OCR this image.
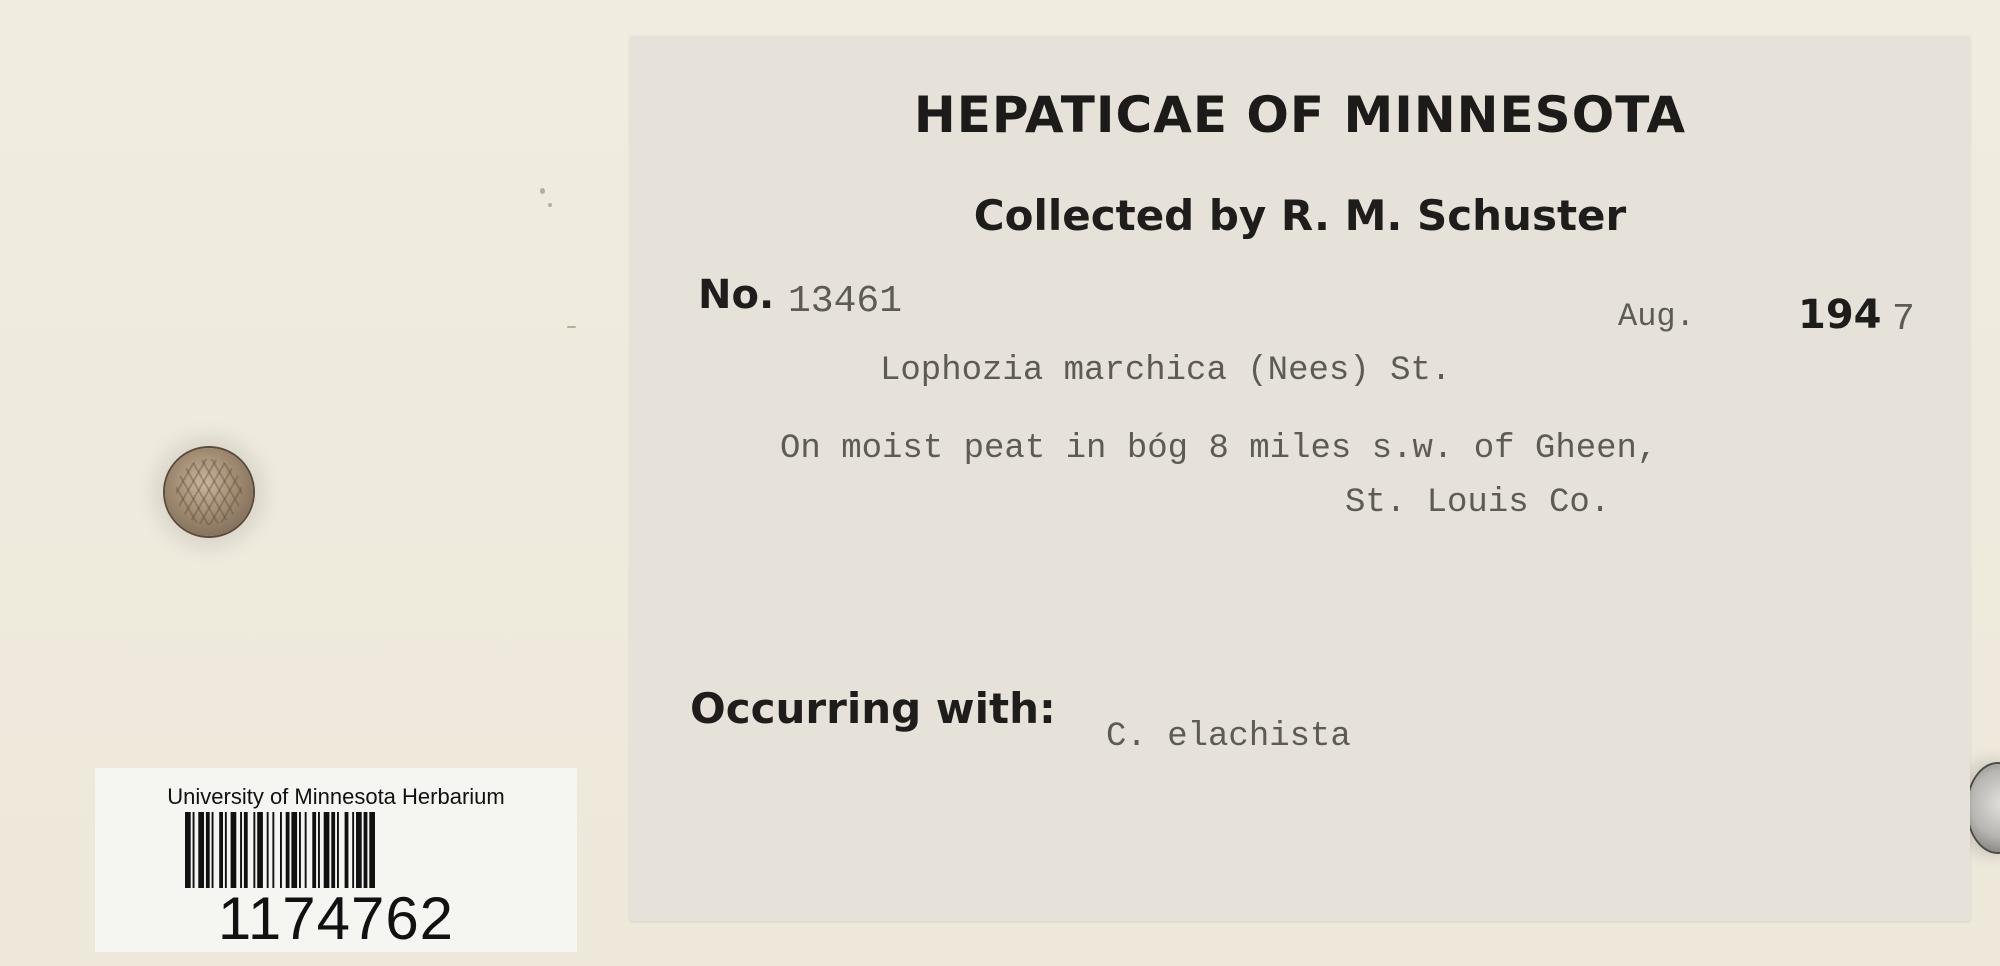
HEPATICAE OF MINNESOTA
Collected by R. M. Schuster
No. 13461	Aug.	194 7
Lophozia marchica (Nees) St.
On moist peat in bóg 8 miles s.w. of Gheen,
St. Louis Co.
Occurring with:
C. elachista
University of Minnesota Herbarium
1174762
